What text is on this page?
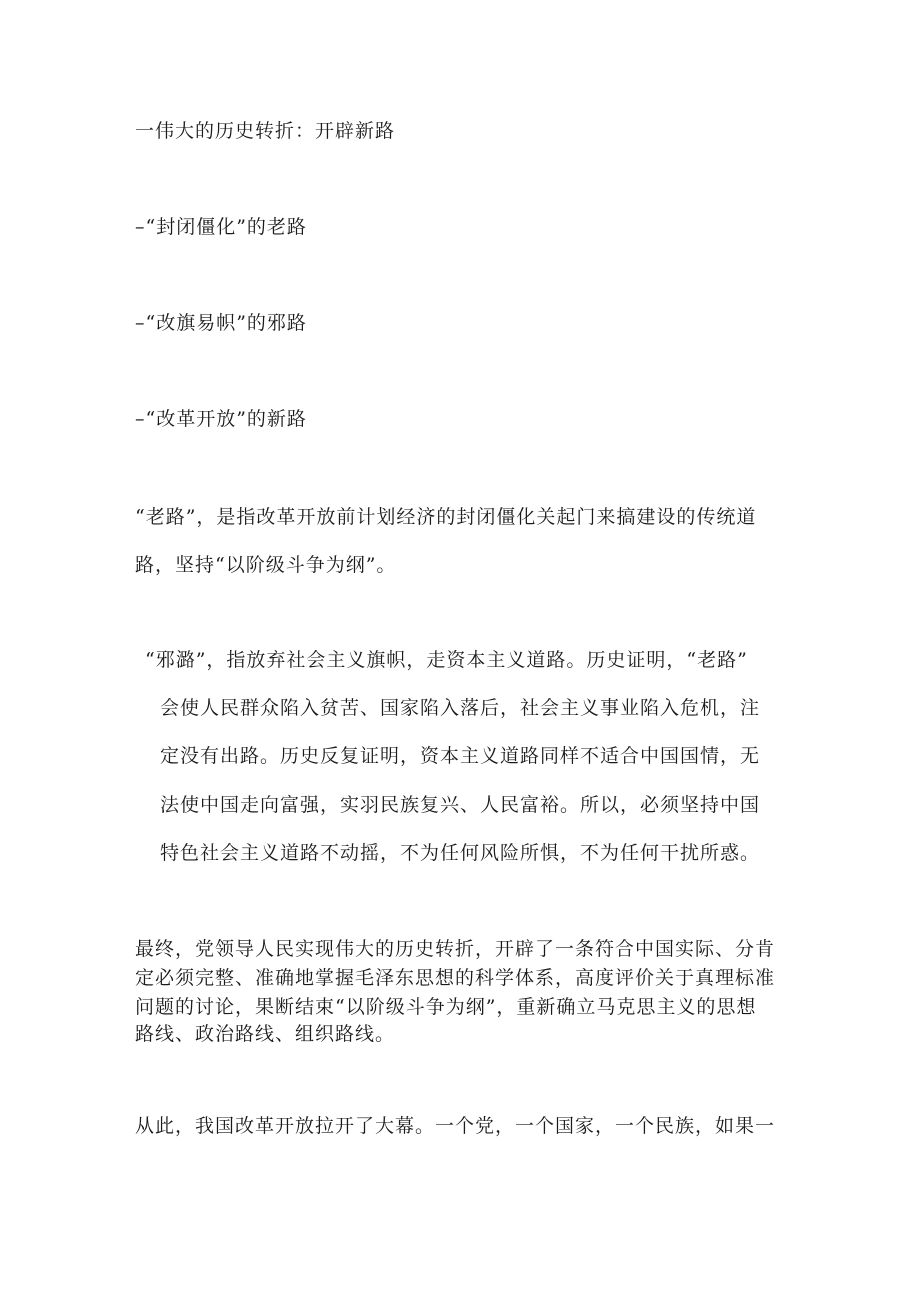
一伟大的历史转折：开辟新路
–“封闭僵化”的老路
–“改旗易帜”的邪路
–“改革开放”的新路
“老路”，是指改革开放前计划经济的封闭僵化关起门来搞建设的传统道
路，坚持“以阶级斗争为纲”。
“邪潞”，指放弃社会主义旗帜，走资本主义道路。历史证明，“老路”
会使人民群众陷入贫苦、国家陷入落后，社会主义事业陷入危机，注
定没有出路。历史反复证明，资本主义道路同样不适合中国国情，无
法使中国走向富强，实羽民族复兴、人民富裕。所以，必须坚持中国
特色社会主义道路不动摇，不为任何风险所惧，不为任何干扰所惑。
最终，党领导人民实现伟大的历史转折，开辟了一条符合中国实际、分肯
定必须完整、准确地掌握毛泽东思想的科学体系，高度评价关于真理标准
问题的讨论，果断结束“以阶级斗争为纲”，重新确立马克思主义的思想
路线、政治路线、组织路线。
从此，我国改革开放拉开了大幕。一个党，一个国家，一个民族，如果一
